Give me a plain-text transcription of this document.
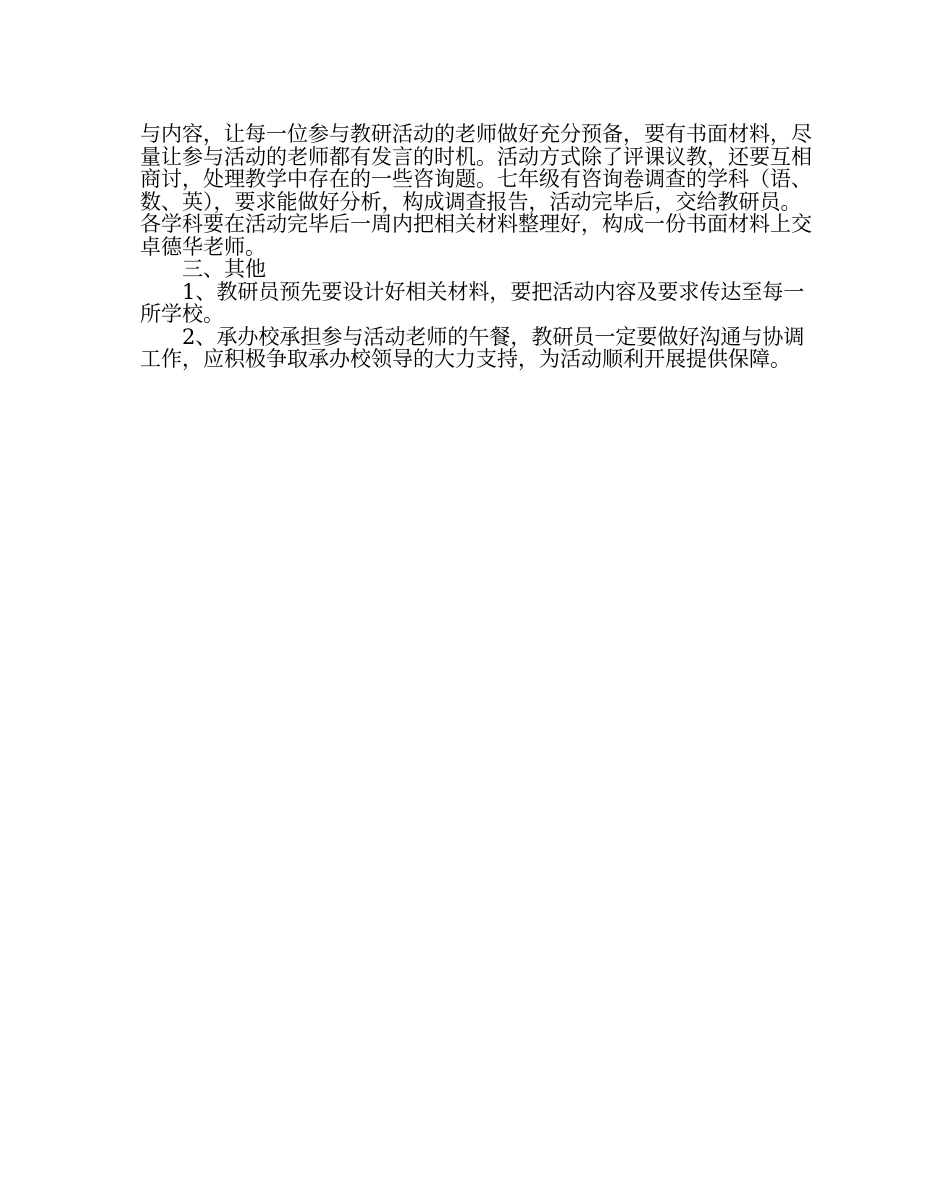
与内容，让每一位参与教研活动的老师做好充分预备，要有书面材料，尽量让参与活动的老师都有发言的时机。活动方式除了评课议教，还要互相商讨，处理教学中存在的一些咨询题。七年级有咨询卷调查的学科（语、数、英），要求能做好分析，构成调查报告，活动完毕后，交给教研员。各学科要在活动完毕后一周内把相关材料整理好，构成一份书面材料上交卓德华老师。

三、其他

1、教研员预先要设计好相关材料，要把活动内容及要求传达至每一所学校。

2、承办校承担参与活动老师的午餐，教研员一定要做好沟通与协调工作，应积极争取承办校领导的大力支持，为活动顺利开展提供保障。
